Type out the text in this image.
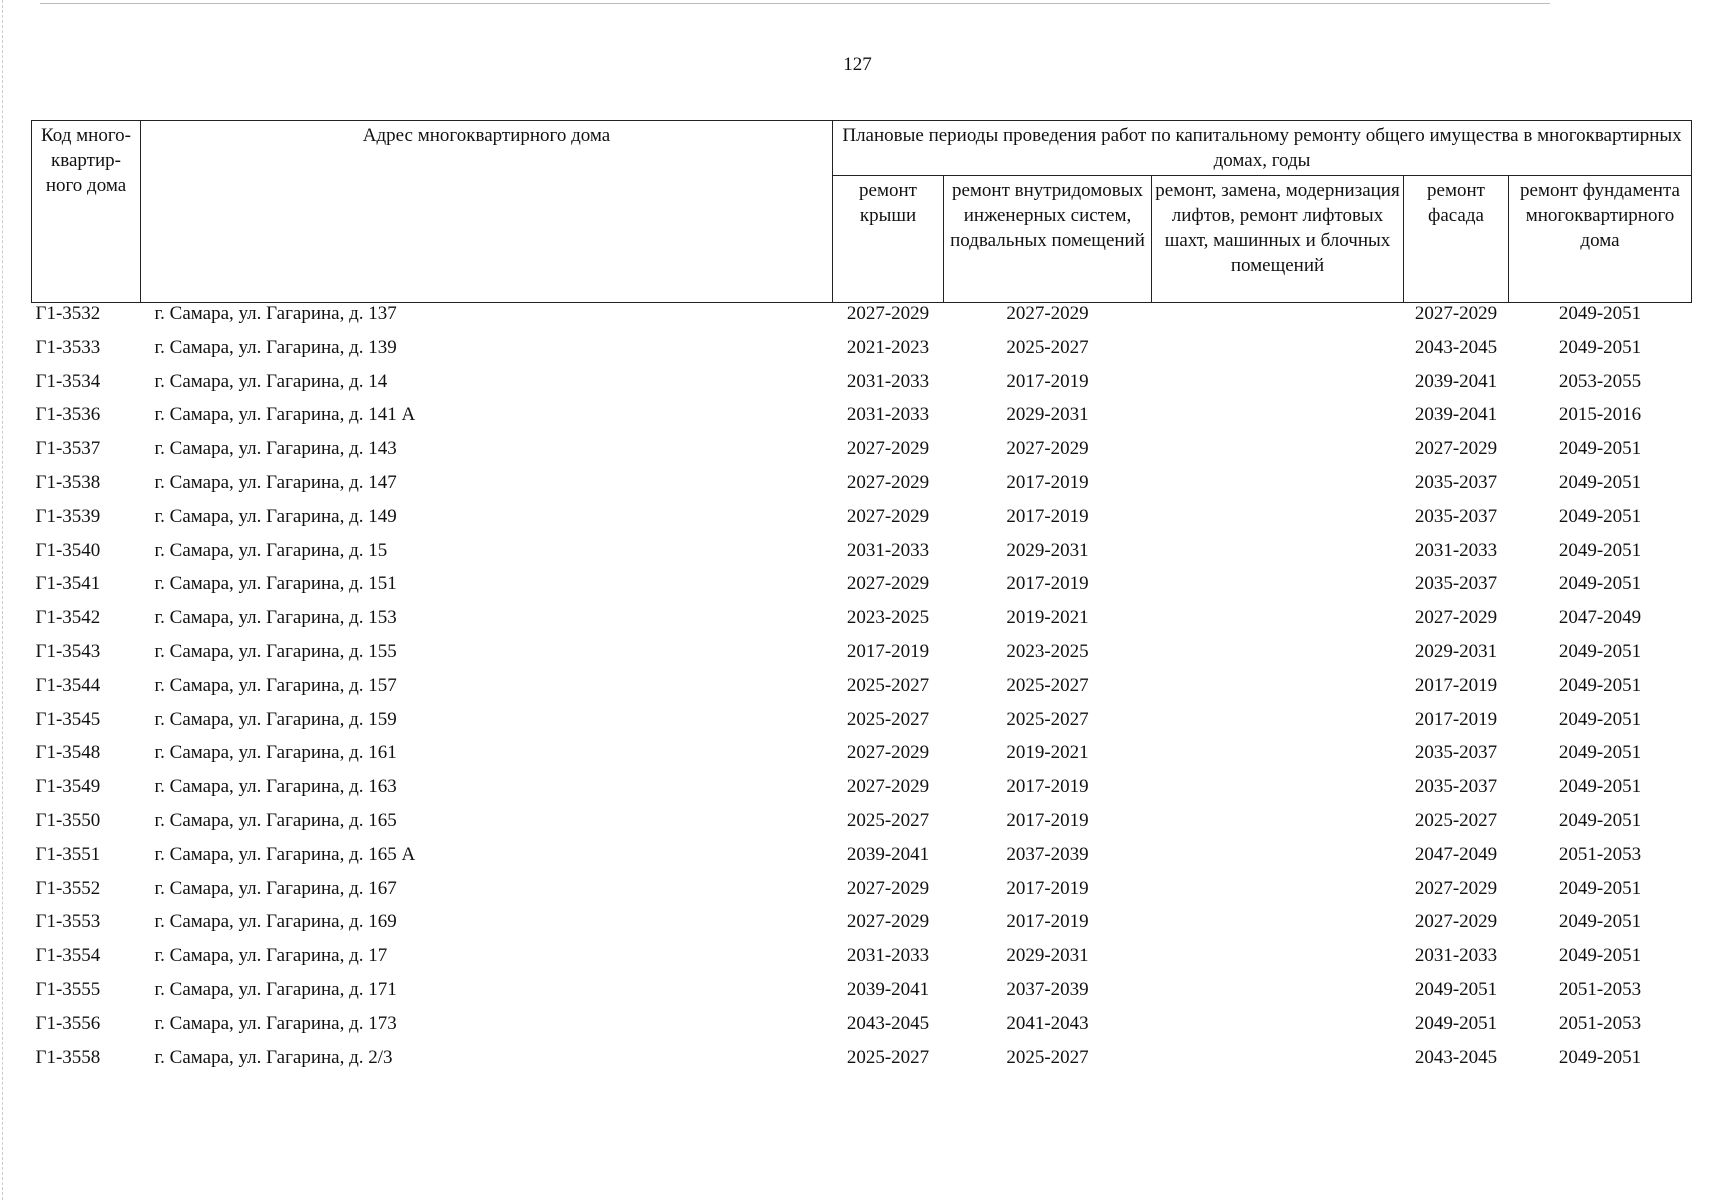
127
Код много-квартир-ного дома	Адрес многоквартирного дома	Плановые периоды проведения работ по капитальному ремонту общего имущества в многоквартирных домах, годы				
		ремонт крыши	ремонт внутридомовых инженерных систем, подвальных помещений	ремонт, замена, модернизация лифтов, ремонт лифтовых шахт, машинных и блочных помещений	ремонт фасада	ремонт фундамента многоквартирного дома
Г1-3532	г. Самара, ул. Гагарина, д. 137	2027-2029	2027-2029		2027-2029	2049-2051
Г1-3533	г. Самара, ул. Гагарина, д. 139	2021-2023	2025-2027		2043-2045	2049-2051
Г1-3534	г. Самара, ул. Гагарина, д. 14	2031-2033	2017-2019		2039-2041	2053-2055
Г1-3536	г. Самара, ул. Гагарина, д. 141 А	2031-2033	2029-2031		2039-2041	2015-2016
Г1-3537	г. Самара, ул. Гагарина, д. 143	2027-2029	2027-2029		2027-2029	2049-2051
Г1-3538	г. Самара, ул. Гагарина, д. 147	2027-2029	2017-2019		2035-2037	2049-2051
Г1-3539	г. Самара, ул. Гагарина, д. 149	2027-2029	2017-2019		2035-2037	2049-2051
Г1-3540	г. Самара, ул. Гагарина, д. 15	2031-2033	2029-2031		2031-2033	2049-2051
Г1-3541	г. Самара, ул. Гагарина, д. 151	2027-2029	2017-2019		2035-2037	2049-2051
Г1-3542	г. Самара, ул. Гагарина, д. 153	2023-2025	2019-2021		2027-2029	2047-2049
Г1-3543	г. Самара, ул. Гагарина, д. 155	2017-2019	2023-2025		2029-2031	2049-2051
Г1-3544	г. Самара, ул. Гагарина, д. 157	2025-2027	2025-2027		2017-2019	2049-2051
Г1-3545	г. Самара, ул. Гагарина, д. 159	2025-2027	2025-2027		2017-2019	2049-2051
Г1-3548	г. Самара, ул. Гагарина, д. 161	2027-2029	2019-2021		2035-2037	2049-2051
Г1-3549	г. Самара, ул. Гагарина, д. 163	2027-2029	2017-2019		2035-2037	2049-2051
Г1-3550	г. Самара, ул. Гагарина, д. 165	2025-2027	2017-2019		2025-2027	2049-2051
Г1-3551	г. Самара, ул. Гагарина, д. 165 А	2039-2041	2037-2039		2047-2049	2051-2053
Г1-3552	г. Самара, ул. Гагарина, д. 167	2027-2029	2017-2019		2027-2029	2049-2051
Г1-3553	г. Самара, ул. Гагарина, д. 169	2027-2029	2017-2019		2027-2029	2049-2051
Г1-3554	г. Самара, ул. Гагарина, д. 17	2031-2033	2029-2031		2031-2033	2049-2051
Г1-3555	г. Самара, ул. Гагарина, д. 171	2039-2041	2037-2039		2049-2051	2051-2053
Г1-3556	г. Самара, ул. Гагарина, д. 173	2043-2045	2041-2043		2049-2051	2051-2053
Г1-3558	г. Самара, ул. Гагарина, д. 2/3	2025-2027	2025-2027		2043-2045	2049-2051
